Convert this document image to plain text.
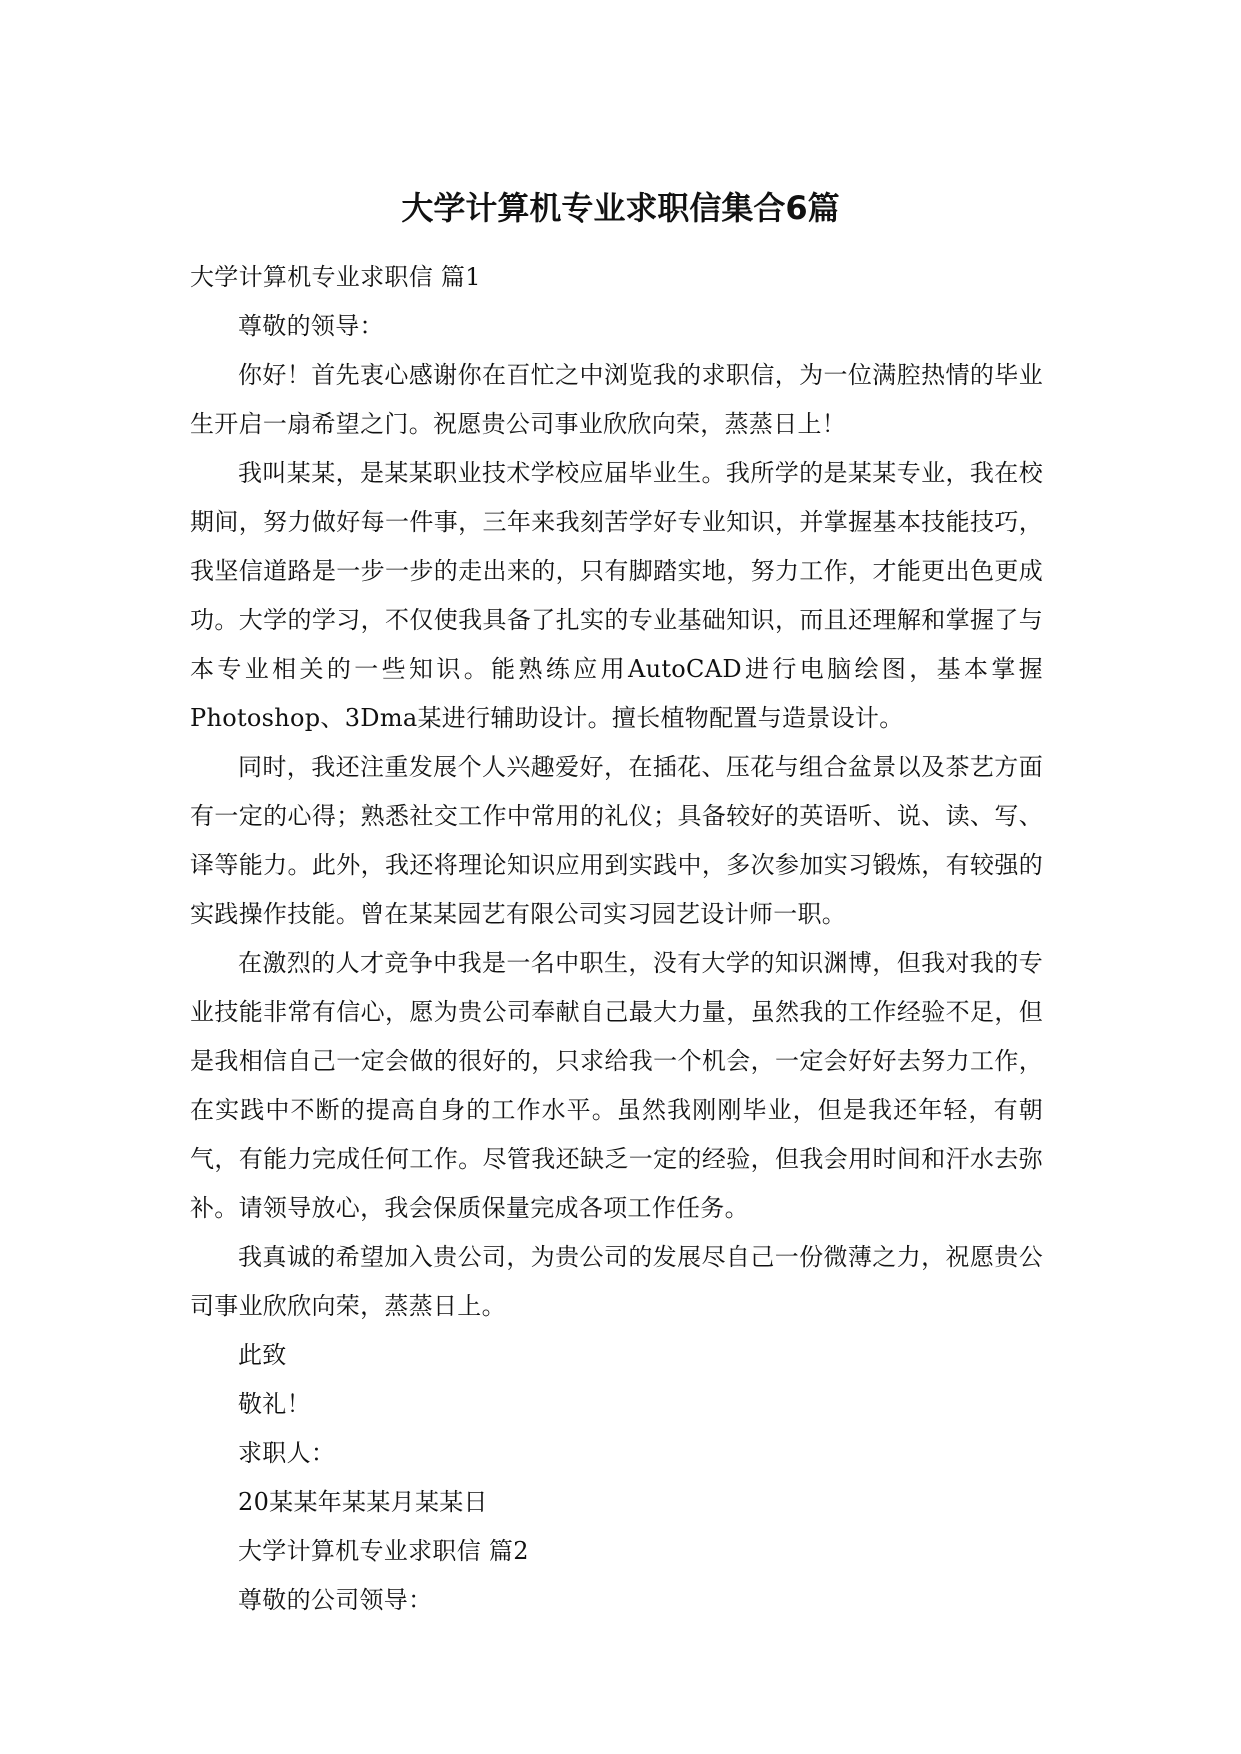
大学计算机专业求职信集合6篇

大学计算机专业求职信 篇1

尊敬的领导：

你好！首先衷心感谢你在百忙之中浏览我的求职信，为一位满腔热情的毕业生开启一扇希望之门。祝愿贵公司事业欣欣向荣，蒸蒸日上！

我叫某某，是某某职业技术学校应届毕业生。我所学的是某某专业，我在校期间，努力做好每一件事，三年来我刻苦学好专业知识，并掌握基本技能技巧，我坚信道路是一步一步的走出来的，只有脚踏实地，努力工作，才能更出色更成功。大学的学习，不仅使我具备了扎实的专业基础知识，而且还理解和掌握了与本专业相关的一些知识。能熟练应用AutoCAD进行电脑绘图，基本掌握Photoshop、3Dma某进行辅助设计。擅长植物配置与造景设计。

同时，我还注重发展个人兴趣爱好，在插花、压花与组合盆景以及茶艺方面有一定的心得；熟悉社交工作中常用的礼仪；具备较好的英语听、说、读、写、译等能力。此外，我还将理论知识应用到实践中，多次参加实习锻炼，有较强的实践操作技能。曾在某某园艺有限公司实习园艺设计师一职。

在激烈的人才竞争中我是一名中职生，没有大学的知识渊博，但我对我的专业技能非常有信心，愿为贵公司奉献自己最大力量，虽然我的工作经验不足，但是我相信自己一定会做的很好的，只求给我一个机会，一定会好好去努力工作，在实践中不断的提高自身的工作水平。虽然我刚刚毕业，但是我还年轻，有朝气，有能力完成任何工作。尽管我还缺乏一定的经验，但我会用时间和汗水去弥补。请领导放心，我会保质保量完成各项工作任务。

我真诚的希望加入贵公司，为贵公司的发展尽自己一份微薄之力，祝愿贵公司事业欣欣向荣，蒸蒸日上。

此致

敬礼！

求职人：

20某某年某某月某某日

大学计算机专业求职信 篇2

尊敬的公司领导：
